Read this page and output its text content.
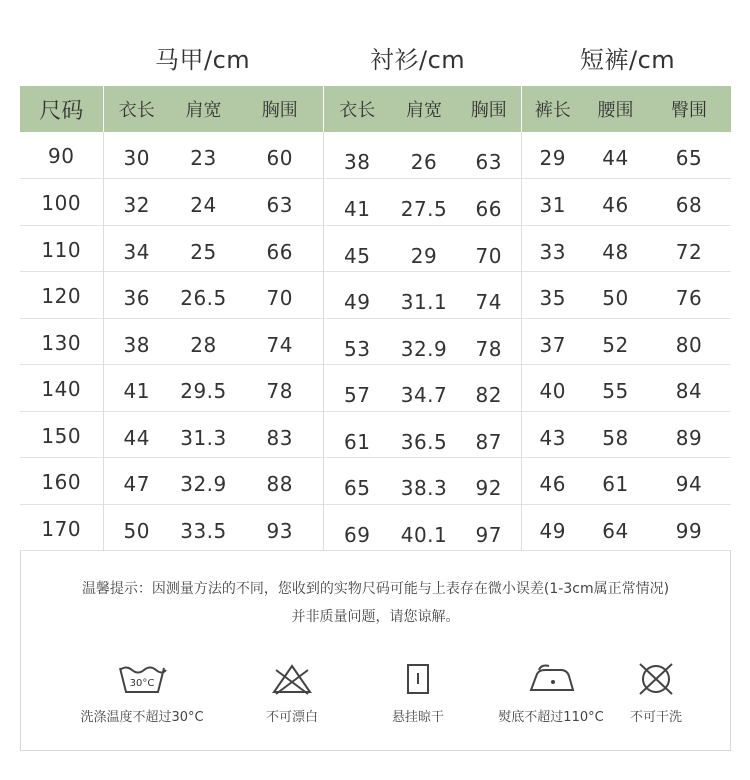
马甲/cm	衬衫/cm	短裤/cm
尺码	衣长	肩宽	胸围	衣长	肩宽	胸围	裤长	腰围	臀围
90	30	23	60	38	26	63	29	44	65
100	32	24	63	41	27.5	66	31	46	68
110	34	25	66	45	29	70	33	48	72
120	36	26.5	70	49	31.1	74	35	50	76
130	38	28	74	53	32.9	78	37	52	80
140	41	29.5	78	57	34.7	82	40	55	84
150	44	31.3	83	61	36.5	87	43	58	89
160	47	32.9	88	65	38.3	92	46	61	94
170	50	33.5	93	69	40.1	97	49	64	99
温馨提示：因测量方法的不同，您收到的实物尺码可能与上表存在微小误差(1-3cm属正常情况)
并非质量问题，请您谅解。
30°C
洗涤温度不超过30°C	不可漂白	悬挂晾干	熨底不超过110°C	不可干洗
